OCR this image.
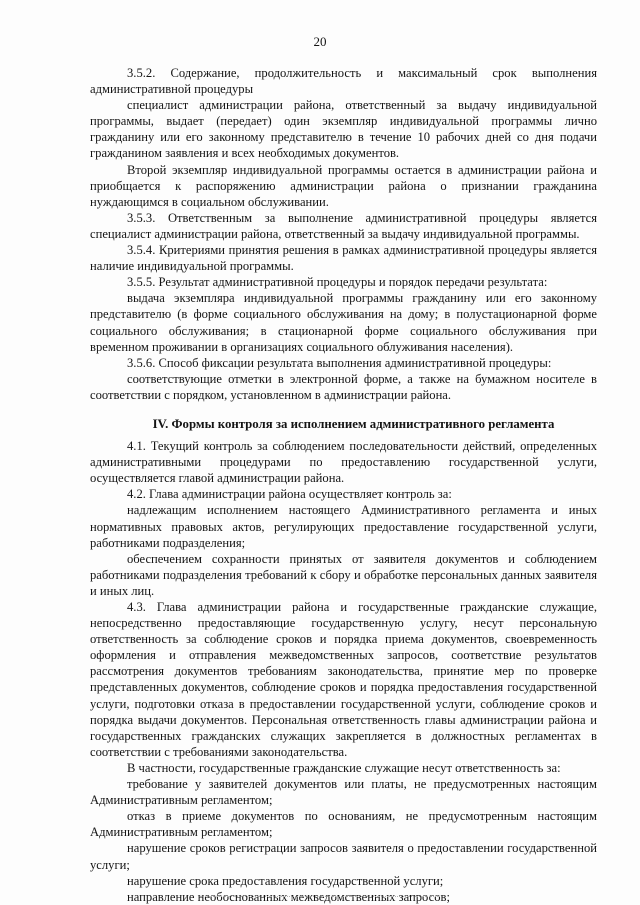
20

3.5.2. Содержание, продолжительность и максимальный срок выполнения административной процедуры

специалист администрации района, ответственный за выдачу индивидуальной программы, выдает (передает) один экземпляр индивидуальной программы лично гражданину или его законному представителю в течение 10 рабочих дней со дня подачи гражданином заявления и всех необходимых документов.

Второй экземпляр индивидуальной программы остается в администрации района и приобщается к распоряжению администрации района о признании гражданина нуждающимся в социальном обслуживании.

3.5.3. Ответственным за выполнение административной процедуры является специалист администрации района, ответственный за выдачу индивидуальной программы.

3.5.4. Критериями принятия решения в рамках административной процедуры является наличие индивидуальной программы.

3.5.5. Результат административной процедуры и порядок передачи результата:

выдача экземпляра индивидуальной программы гражданину или его законному представителю (в форме социального обслуживания на дому; в полустационарной форме социального обслуживания; в стационарной форме социального обслуживания при временном проживании в организациях социального облуживания населения).

3.5.6. Способ фиксации результата выполнения административной процедуры:

соответствующие отметки в электронной форме, а также на бумажном носителе в соответствии с порядком, установленном в администрации района.

IV. Формы контроля за исполнением административного регламента

4.1. Текущий контроль за соблюдением последовательности действий, определенных административными процедурами по предоставлению государственной услуги, осуществляется главой администрации района.

4.2. Глава администрации района осуществляет контроль за:

надлежащим исполнением настоящего Административного регламента и иных нормативных правовых актов, регулирующих предоставление государственной услуги, работниками подразделения;

обеспечением сохранности принятых от заявителя документов и соблюдением работниками подразделения требований к сбору и обработке персональных данных заявителя и иных лиц.

4.3. Глава администрации района и государственные гражданские служащие, непосредственно предоставляющие государственную услугу, несут персональную ответственность за соблюдение сроков и порядка приема документов, своевременность оформления и отправления межведомственных запросов, соответствие результатов рассмотрения документов требованиям законодательства, принятие мер по проверке представленных документов, соблюдение сроков и порядка предоставления государственной услуги, подготовки отказа в предоставлении государственной услуги, соблюдение сроков и порядка выдачи документов. Персональная ответственность главы администрации района и государственных гражданских служащих закрепляется в должностных регламентах в соответствии с требованиями законодательства.

В частности, государственные гражданские служащие несут ответственность за:

требование у заявителей документов или платы, не предусмотренных настоящим Административным регламентом;

отказ в приеме документов по основаниям, не предусмотренным настоящим Административным регламентом;

нарушение сроков регистрации запросов заявителя о предоставлении государственной услуги;

нарушение срока предоставления государственной услуги;

направление необоснованных межведомственных запросов;
